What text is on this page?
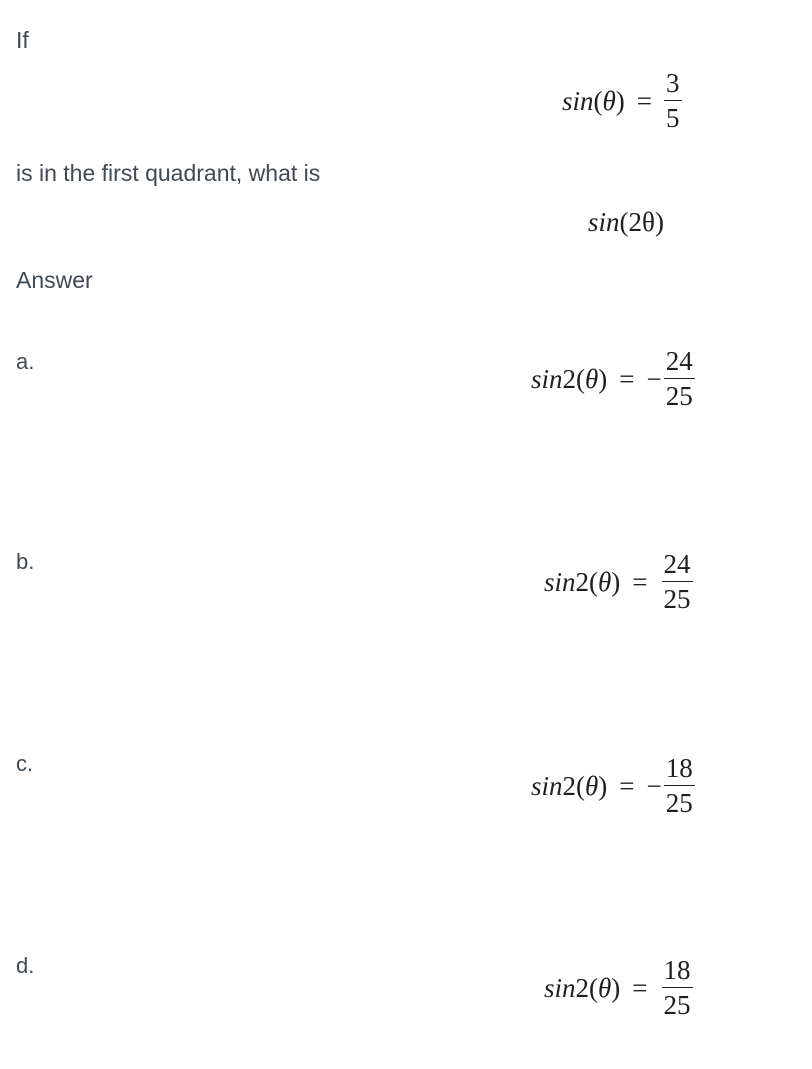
If
sin ( θ ) = $\frac{3}{5}$
is in the first quadrant, what is
sin ( 2θ )
Answer
a.
sin 2 ( θ ) = − $\frac{24}{25}$
b.
sin 2 ( θ ) = $\frac{24}{25}$
c.
sin 2 ( θ ) = − $\frac{18}{25}$
d.
sin 2 ( θ ) = $\frac{18}{25}$
